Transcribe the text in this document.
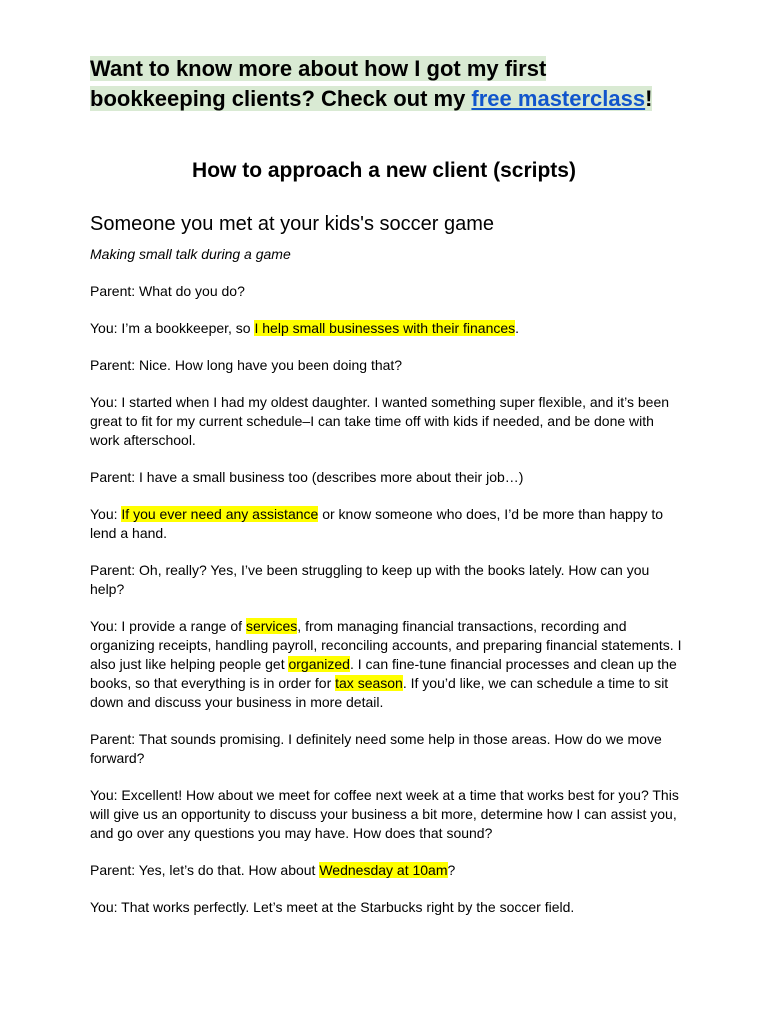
Want to know more about how I got my first bookkeeping clients? Check out my free masterclass!
How to approach a new client (scripts)
Someone you met at your kids's soccer game
Making small talk during a game

Parent: What do you do?

You: I’m a bookkeeper, so I help small businesses with their finances.

Parent: Nice. How long have you been doing that?

You: I started when I had my oldest daughter. I wanted something super flexible, and it’s been great to fit for my current schedule–I can take time off with kids if needed, and be done with work afterschool.

Parent: I have a small business too (describes more about their job…)

You: If you ever need any assistance or know someone who does, I’d be more than happy to lend a hand.

Parent: Oh, really? Yes, I’ve been struggling to keep up with the books lately. How can you help?

You: I provide a range of services, from managing financial transactions, recording and organizing receipts, handling payroll, reconciling accounts, and preparing financial statements. I also just like helping people get organized. I can fine-tune financial processes and clean up the books, so that everything is in order for tax season. If you’d like, we can schedule a time to sit down and discuss your business in more detail.

Parent: That sounds promising. I definitely need some help in those areas. How do we move forward?

You: Excellent! How about we meet for coffee next week at a time that works best for you? This will give us an opportunity to discuss your business a bit more, determine how I can assist you, and go over any questions you may have. How does that sound?

Parent: Yes, let’s do that. How about Wednesday at 10am?

You: That works perfectly. Let’s meet at the Starbucks right by the soccer field.
